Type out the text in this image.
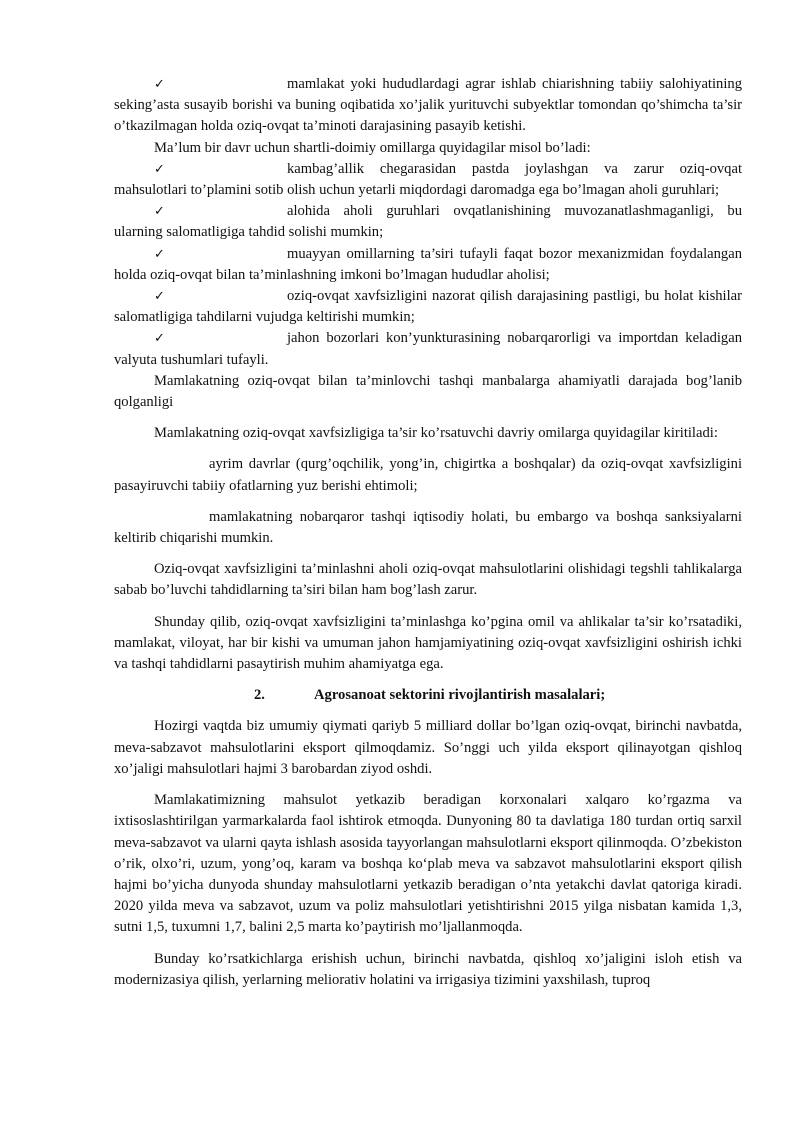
✓mamlakat yoki hududlardagi agrar ishlab chiarishning tabiiy salohiyatining seking’asta susayib borishi va buning oqibatida xo’jalik yurituvchi subyektlar tomondan qo’shimcha ta’sir o’tkazilmagan holda oziq-ovqat ta’minoti darajasining pasayib ketishi.

Ma’lum bir davr uchun shartli-doimiy omillarga quyidagilar misol bo’ladi:

✓kambag’allik chegarasidan pastda joylashgan va zarur oziq-ovqat mahsulotlari to’plamini sotib olish uchun yetarli miqdordagi daromadga ega bo’lmagan aholi guruhlari;

✓alohida aholi guruhlari ovqatlanishining muvozanatlashmaganligi, bu ularning salomatligiga tahdid solishi mumkin;

✓muayyan omillarning ta’siri tufayli faqat bozor mexanizmidan foydalangan holda oziq-ovqat bilan ta’minlashning imkoni bo’lmagan hududlar aholisi;

✓oziq-ovqat xavfsizligini nazorat qilish darajasining pastligi, bu holat kishilar salomatligiga tahdilarni vujudga keltirishi mumkin;

✓jahon bozorlari kon’yunkturasining nobarqarorligi va importdan keladigan valyuta tushumlari tufayli.

Mamlakatning oziq-ovqat bilan ta’minlovchi tashqi manbalarga ahamiyatli darajada bog’lanib qolganligi

Mamlakatning oziq-ovqat xavfsizligiga ta’sir ko’rsatuvchi davriy omilarga quyidagilar kiritiladi:

ayrim davrlar (qurg’oqchilik, yong’in, chigirtka a boshqalar) da oziq-ovqat xavfsizligini pasayiruvchi tabiiy ofatlarning yuz berishi ehtimoli;

mamlakatning nobarqaror tashqi iqtisodiy holati, bu embargo va boshqa sanksiyalarni keltirib chiqarishi mumkin.

Oziq-ovqat xavfsizligini ta’minlashni aholi oziq-ovqat mahsulotlarini olishidagi tegshli tahlikalarga sabab bo’luvchi tahdidlarning ta’siri bilan ham bog’lash zarur.

Shunday qilib, oziq-ovqat xavfsizligini ta’minlashga ko’pgina omil va ahlikalar ta’sir ko’rsatadiki, mamlakat, viloyat, har bir kishi va umuman jahon hamjamiyatining oziq-ovqat xavfsizligini oshirish ichki va tashqi tahdidlarni pasaytirish muhim ahamiyatga ega.

2.	Agrosanoat sektorini rivojlantirish masalalari;

Hozirgi vaqtda biz umumiy qiymati qariyb 5 milliard dollar bo’lgan oziq-ovqat, birinchi navbatda, meva-sabzavot mahsulotlarini eksport qilmoqdamiz. So’nggi uch yilda eksport qilinayotgan qishloq xo’jaligi mahsulotlari hajmi 3 barobardan ziyod oshdi.

Mamlakatimizning mahsulot yetkazib beradigan korxonalari xalqaro ko’rgazma va ixtisoslashtirilgan yarmarkalarda faol ishtirok etmoqda. Dunyoning 80 ta davlatiga 180 turdan ortiq sarxil meva-sabzavot va ularni qayta ishlash asosida tayyorlangan mahsulotlarni eksport qilinmoqda. O’zbekiston o’rik, olxo’ri, uzum, yong’oq, karam va boshqa ko‘plab meva va sabzavot mahsulotlarini eksport qilish hajmi bo’yicha dunyoda shunday mahsulotlarni yetkazib beradigan o’nta yetakchi davlat qatoriga kiradi. 2020 yilda meva va sabzavot, uzum va poliz mahsulotlari yetishtirishni 2015 yilga nisbatan kamida 1,3, sutni 1,5, tuxumni 1,7, balini 2,5 marta ko’paytirish mo’ljallanmoqda.

Bunday ko’rsatkichlarga erishish uchun, birinchi navbatda, qishloq xo’jaligini isloh etish va modernizasiya qilish, yerlarning meliorativ holatini va irrigasiya tizimini yaxshilash, tuproq
